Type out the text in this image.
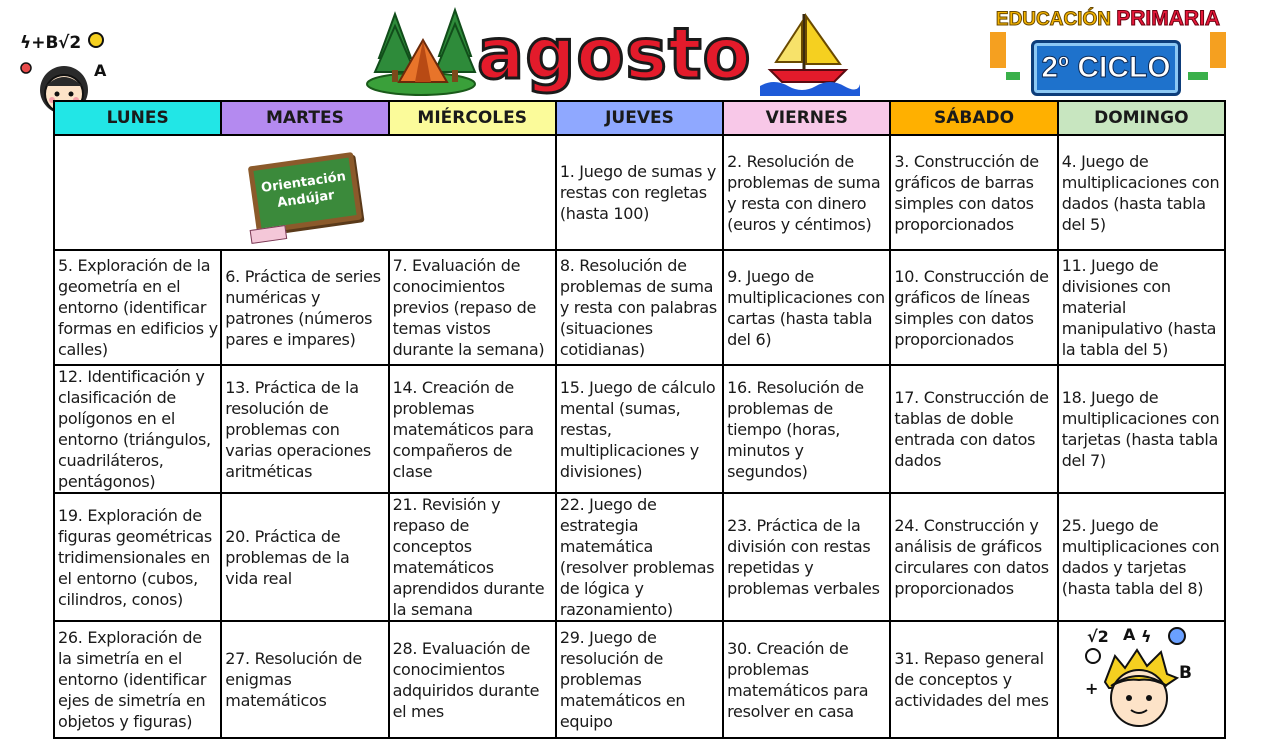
ϟ+B √2
A	agosto	EDUCACIÓN PRIMARIA
2º CICLO
LUNES	MARTES	MIÉRCOLES	JUEVES	VIERNES	SÁBADO	DOMINGO

Orientación Andújar			1. Juego de sumas y restas con regletas (hasta 100)	2. Resolución de problemas de suma y resta con dinero (euros y céntimos)	3. Construcción de gráficos de barras simples con datos proporcionados	4. Juego de multiplicaciones con dados (hasta tabla del 5)

5. Exploración de la geometría en el entorno (identificar formas en edificios y calles)	6. Práctica de series numéricas y patrones (números pares e impares)	7. Evaluación de conocimientos previos (repaso de temas vistos durante la semana)	8. Resolución de problemas de suma y resta con palabras (situaciones cotidianas)	9. Juego de multiplicaciones con cartas (hasta tabla del 6)	10. Construcción de gráficos de líneas simples con datos proporcionados	11. Juego de divisiones con material manipulativo (hasta la tabla del 5)

12. Identificación y clasificación de polígonos en el entorno (triángulos, cuadriláteros, pentágonos)	13. Práctica de la resolución de problemas con varias operaciones aritméticas	14. Creación de problemas matemáticos para compañeros de clase	15. Juego de cálculo mental (sumas, restas, multiplicaciones y divisiones)	16. Resolución de problemas de tiempo (horas, minutos y segundos)	17. Construcción de tablas de doble entrada con datos dados	18. Juego de multiplicaciones con tarjetas (hasta tabla del 7)

19. Exploración de figuras geométricas tridimensionales en el entorno (cubos, cilindros, conos)	20. Práctica de problemas de la vida real	21. Revisión y repaso de conceptos matemáticos aprendidos durante la semana	22. Juego de estrategia matemática (resolver problemas de lógica y razonamiento)	23. Práctica de la división con restas repetidas y problemas verbales	24. Construcción y análisis de gráficos circulares con datos proporcionados	25. Juego de multiplicaciones con dados y tarjetas (hasta tabla del 8)

26. Exploración de la simetría en el entorno (identificar ejes de simetría en objetos y figuras)	27. Resolución de enigmas matemáticos	28. Evaluación de conocimientos adquiridos durante el mes	29. Juego de resolución de problemas matemáticos en equipo	30. Creación de problemas matemáticos para resolver en casa	31. Repaso general de conceptos y actividades del mes	√2 A ϟ
B
+
